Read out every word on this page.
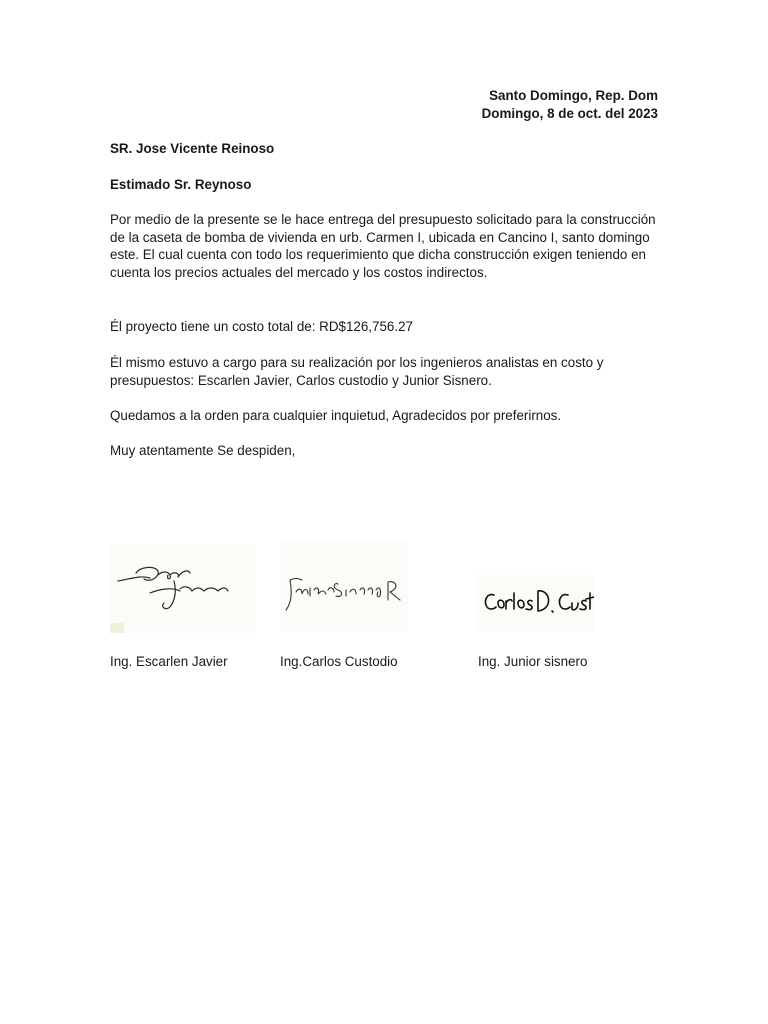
Santo Domingo, Rep. Dom
Domingo, 8 de oct. del 2023
SR. Jose Vicente Reinoso
Estimado Sr. Reynoso
Por medio de la presente se le hace entrega del presupuesto solicitado para la construcción de la caseta de bomba de vivienda en urb. Carmen I, ubicada en Cancino I, santo domingo este. El cual cuenta con todo los requerimiento que dicha construcción exigen teniendo en cuenta los precios actuales del mercado y los costos indirectos.
Él proyecto tiene un costo total de: RD$126,756.27
Él mismo estuvo a cargo para su realización por los ingenieros analistas en costo y presupuestos: Escarlen Javier, Carlos custodio y Junior Sisnero.
Quedamos a la orden para cualquier inquietud, Agradecidos por preferirnos.
Muy atentamente Se despiden,
Ing. Escarlen Javier	Ing.Carlos Custodio	Ing. Junior sisnero
